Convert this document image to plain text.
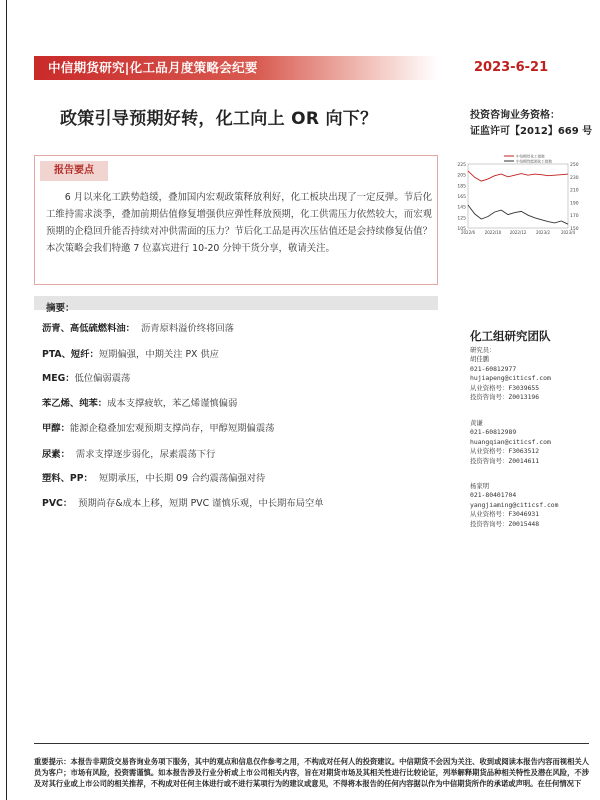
中信期货研究|化工品月度策略会纪要	2023-6-21
政策引导预期好转，化工向上 OR 向下？	投资咨询业务资格：
证监许可【2012】669 号
报告要点
6 月以来化工跌势趋缓，叠加国内宏观政策释放利好，化工板块出现了一定反弹。节后化工维持需求淡季，叠加前期估值修复增强供应弹性释放预期，化工供需压力依然较大，而宏观预期的企稳回升能否持续对冲供需面的压力？节后化工品是再次压估值还是会持续修复估值？本次策略会我们特邀 7 位嘉宾进行 10-20 分钟干货分享，敬请关注。
225
205
185
165
145
125
105
250
230
210
190
170
150
2022/6 2022/10 2022/12 2023/2	2023/4
中信期货化工指数
中信期货能源化工指数
摘要：
沥青、高低硫燃料油： 沥青原料溢价终将回落
PTA、短纤：短期偏强，中期关注 PX 供应
MEG：低位偏弱震荡
苯乙烯、纯苯：成本支撑疲软，苯乙烯谨慎偏弱
甲醇：能源企稳叠加宏观预期支撑尚存，甲醇短期偏震荡
尿素： 需求支撑逐步弱化，尿素震荡下行
塑料、PP： 短期承压，中长期 09 合约震荡偏强对待
PVC： 预期尚存&成本上移，短期 PVC 谨慎乐观，中长期布局空单
化工组研究团队
研究员：
胡佳鹏
021-60812977
hujiapeng@citicsf.com
从业资格号：F3039655
投资咨询号：Z0013196
黄谦
021-60812989
huangqian@citicsf.com
从业资格号：F3063512
投资咨询号：Z0014611
杨家明
021-80401704
yangjiaming@citicsf.com
从业资格号：F3046931
投资咨询号：Z0015448
重要提示：本报告非期货交易咨询业务项下服务，其中的观点和信息仅作参考之用，不构成对任何人的投资建议。中信期货不会因为关注、收到或阅读本报告内容而视相关人员为客户；市场有风险，投资需谨慎。如本报告涉及行业分析或上市公司相关内容，旨在对期货市场及其相关性进行比较论证，列举解释期货品种相关特性及潜在风险，不涉及对其行业或上市公司的相关推荐，不构成对任何主体进行或不进行某项行为的建议或意见，不得将本报告的任何内容据以作为中信期货所作的承诺或声明。在任何情况下
